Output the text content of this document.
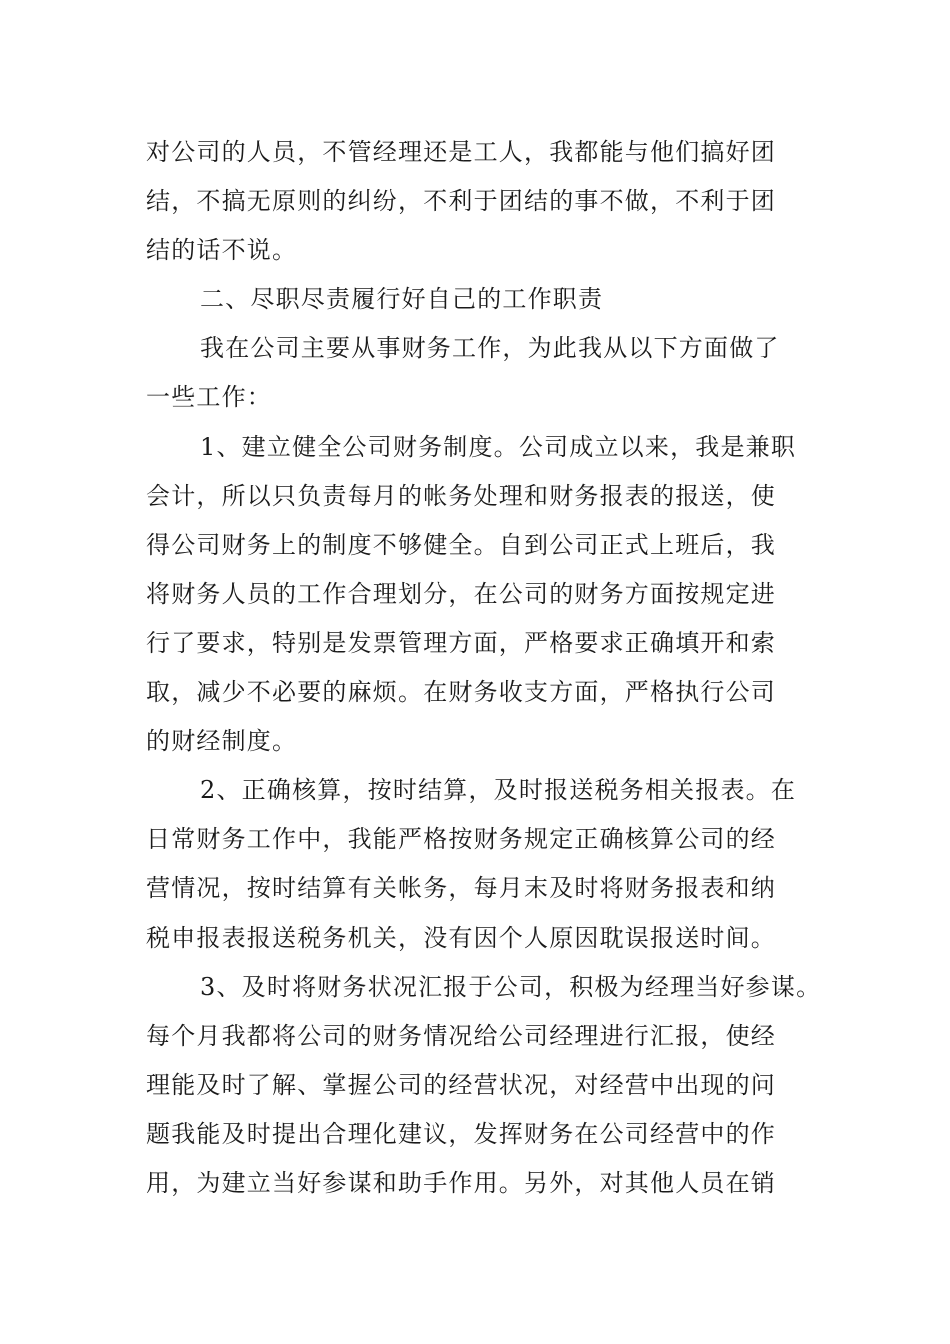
对公司的人员，不管经理还是工人，我都能与他们搞好团
结，不搞无原则的纠纷，不利于团结的事不做，不利于团
结的话不说。
二、尽职尽责履行好自己的工作职责
我在公司主要从事财务工作，为此我从以下方面做了
一些工作：
1、建立健全公司财务制度。公司成立以来，我是兼职
会计，所以只负责每月的帐务处理和财务报表的报送，使
得公司财务上的制度不够健全。自到公司正式上班后，我
将财务人员的工作合理划分，在公司的财务方面按规定进
行了要求，特别是发票管理方面，严格要求正确填开和索
取，减少不必要的麻烦。在财务收支方面，严格执行公司
的财经制度。
2、正确核算，按时结算，及时报送税务相关报表。在
日常财务工作中，我能严格按财务规定正确核算公司的经
营情况，按时结算有关帐务，每月末及时将财务报表和纳
税申报表报送税务机关，没有因个人原因耽误报送时间。
3、及时将财务状况汇报于公司，积极为经理当好参谋。
每个月我都将公司的财务情况给公司经理进行汇报，使经
理能及时了解、掌握公司的经营状况，对经营中出现的问
题我能及时提出合理化建议，发挥财务在公司经营中的作
用，为建立当好参谋和助手作用。另外，对其他人员在销
